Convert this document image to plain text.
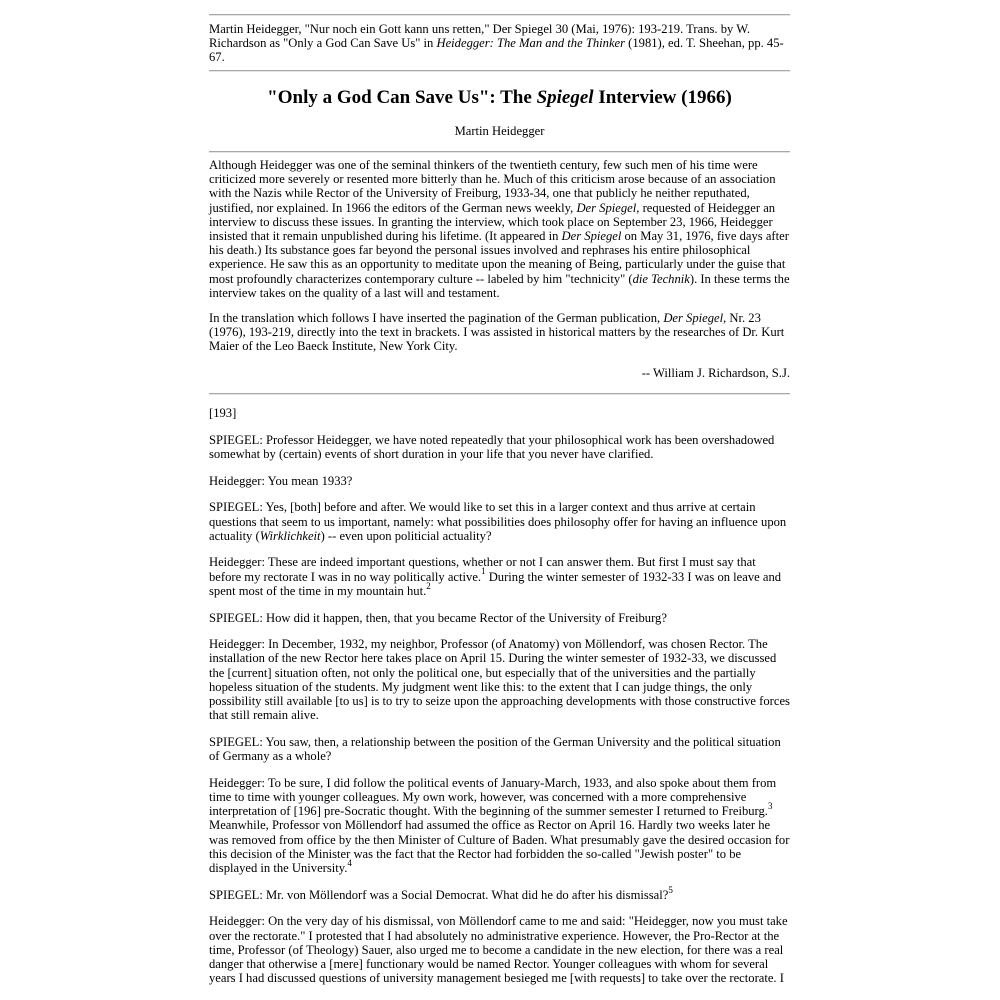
Martin Heidegger, "Nur noch ein Gott kann uns retten," Der Spiegel 30 (Mai, 1976): 193-219. Trans. by W. Richardson as "Only a God Can Save Us" in Heidegger: The Man and the Thinker (1981), ed. T. Sheehan, pp. 45-67.

"Only a God Can Save Us": The Spiegel Interview (1966)

Martin Heidegger

Although Heidegger was one of the seminal thinkers of the twentieth century, few such men of his time were criticized more severely or resented more bitterly than he. Much of this criticism arose because of an association with the Nazis while Rector of the University of Freiburg, 1933-34, one that publicly he neither reputhated, justified, nor explained. In 1966 the editors of the German news weekly, Der Spiegel, requested of Heidegger an interview to discuss these issues. In granting the interview, which took place on September 23, 1966, Heidegger insisted that it remain unpublished during his lifetime. (It appeared in Der Spiegel on May 31, 1976, five days after his death.) Its substance goes far beyond the personal issues involved and rephrases his entire philosophical experience. He saw this as an opportunity to meditate upon the meaning of Being, particularly under the guise that most profoundly characterizes contemporary culture -- labeled by him "technicity" (die Technik). In these terms the interview takes on the quality of a last will and testament.

In the translation which follows I have inserted the pagination of the German publication, Der Spiegel, Nr. 23 (1976), 193-219, directly into the text in brackets. I was assisted in historical matters by the researches of Dr. Kurt Maier of the Leo Baeck Institute, New York City.

-- William J. Richardson, S.J.

[193]

SPIEGEL: Professor Heidegger, we have noted repeatedly that your philosophical work has been overshadowed somewhat by (certain) events of short duration in your life that you never have clarified.

Heidegger: You mean 1933?

SPIEGEL: Yes, [both] before and after. We would like to set this in a larger context and thus arrive at certain questions that seem to us important, namely: what possibilities does philosophy offer for having an influence upon actuality (Wirklichkeit) -- even upon politicial actuality?

Heidegger: These are indeed important questions, whether or not I can answer them. But first I must say that before my rectorate I was in no way politically active.$^1$ During the winter semester of 1932-33 I was on leave and spent most of the time in my mountain hut.$^2$

SPIEGEL: How did it happen, then, that you became Rector of the University of Freiburg?

Heidegger: In December, 1932, my neighbor, Professor (of Anatomy) von Möllendorf, was chosen Rector. The installation of the new Rector here takes place on April 15. During the winter semester of 1932-33, we discussed the [current] situation often, not only the political one, but especially that of the universities and the partially hopeless situation of the students. My judgment went like this: to the extent that I can judge things, the only possibility still available [to us] is to try to seize upon the approaching developments with those constructive forces that still remain alive.

SPIEGEL: You saw, then, a relationship between the position of the German University and the political situation of Germany as a whole?

Heidegger: To be sure, I did follow the political events of January-March, 1933, and also spoke about them from time to time with younger colleagues. My own work, however, was concerned with a more comprehensive interpretation of [196] pre-Socratic thought. With the beginning of the summer semester I returned to Freiburg.$^3$ Meanwhile, Professor von Möllendorf had assumed the office as Rector on April 16. Hardly two weeks later he was removed from office by the then Minister of Culture of Baden. What presumably gave the desired occasion for this decision of the Minister was the fact that the Rector had forbidden the so-called "Jewish poster" to be displayed in the University.$^4$

SPIEGEL: Mr. von Möllendorf was a Social Democrat. What did he do after his dismissal?$^5$

Heidegger: On the very day of his dismissal, von Möllendorf came to me and said: "Heidegger, now you must take over the rectorate." I protested that I had absolutely no administrative experience. However, the Pro-Rector at the time, Professor (of Theology) Sauer, also urged me to become a candidate in the new election, for there was a real danger that otherwise a [mere] functionary would be named Rector. Younger colleagues with whom for several years I had discussed questions of university management besieged me [with requests] to take over the rectorate. I
